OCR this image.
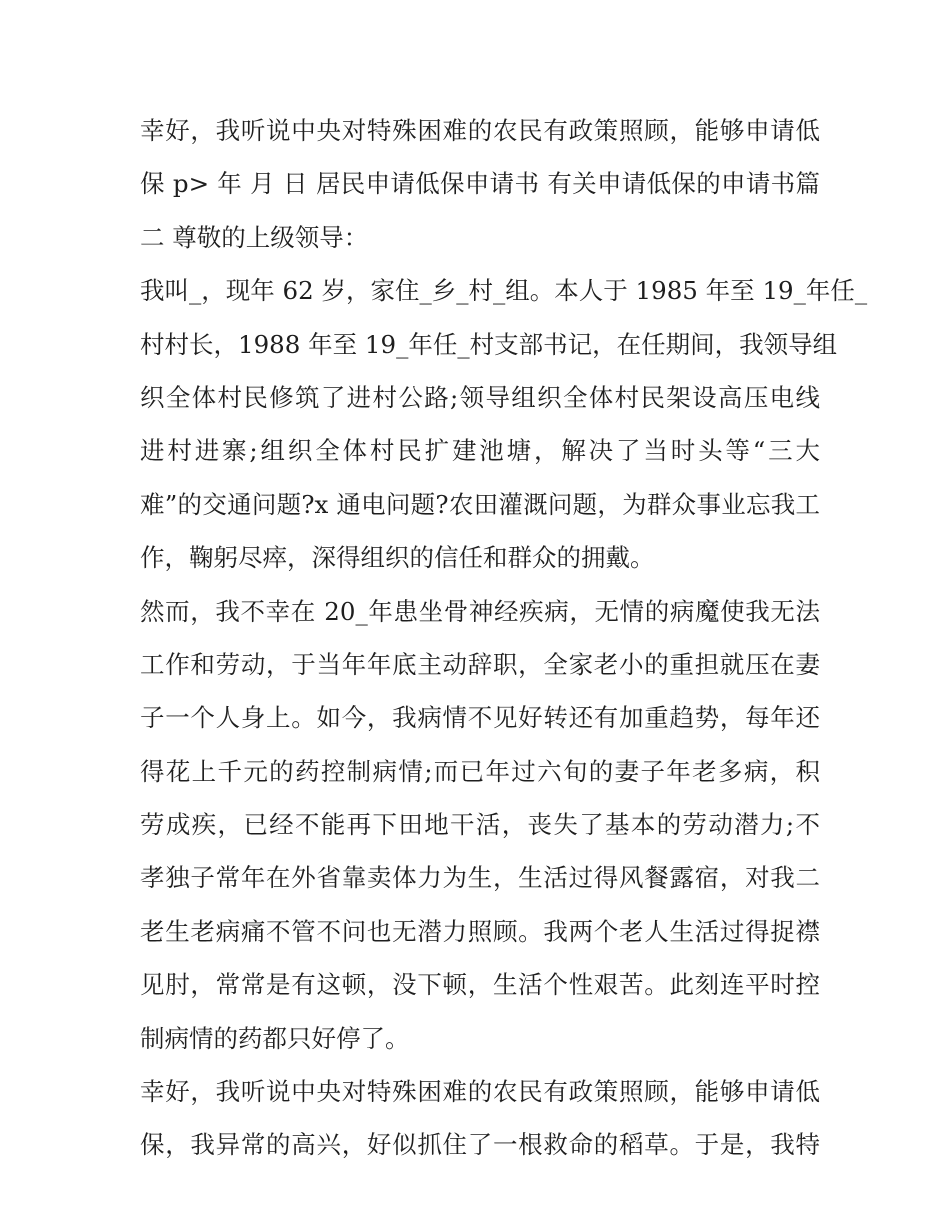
幸好，我听说中央对特殊困难的农民有政策照顾，能够申请低
保 p> 年 月 日 居民申请低保申请书 有关申请低保的申请书篇
二 尊敬的上级领导：
我叫_，现年 62 岁，家住_乡_村_组。本人于 1985 年至 19_年任_
村村长，1988 年至 19_年任_村支部书记，在任期间，我领导组
织全体村民修筑了进村公路;领导组织全体村民架设高压电线
进村进寨;组织全体村民扩建池塘，解决了当时头等“三大
难”的交通问题?x 通电问题?农田灌溉问题，为群众事业忘我工
作，鞠躬尽瘁，深得组织的信任和群众的拥戴。
然而，我不幸在 20_年患坐骨神经疾病，无情的病魔使我无法
工作和劳动，于当年年底主动辞职，全家老小的重担就压在妻
子一个人身上。如今，我病情不见好转还有加重趋势，每年还
得花上千元的药控制病情;而已年过六旬的妻子年老多病，积
劳成疾，已经不能再下田地干活，丧失了基本的劳动潜力;不
孝独子常年在外省靠卖体力为生，生活过得风餐露宿，对我二
老生老病痛不管不问也无潜力照顾。我两个老人生活过得捉襟
见肘，常常是有这顿，没下顿，生活个性艰苦。此刻连平时控
制病情的药都只好停了。
幸好，我听说中央对特殊困难的农民有政策照顾，能够申请低
保，我异常的高兴，好似抓住了一根救命的稻草。于是，我特
